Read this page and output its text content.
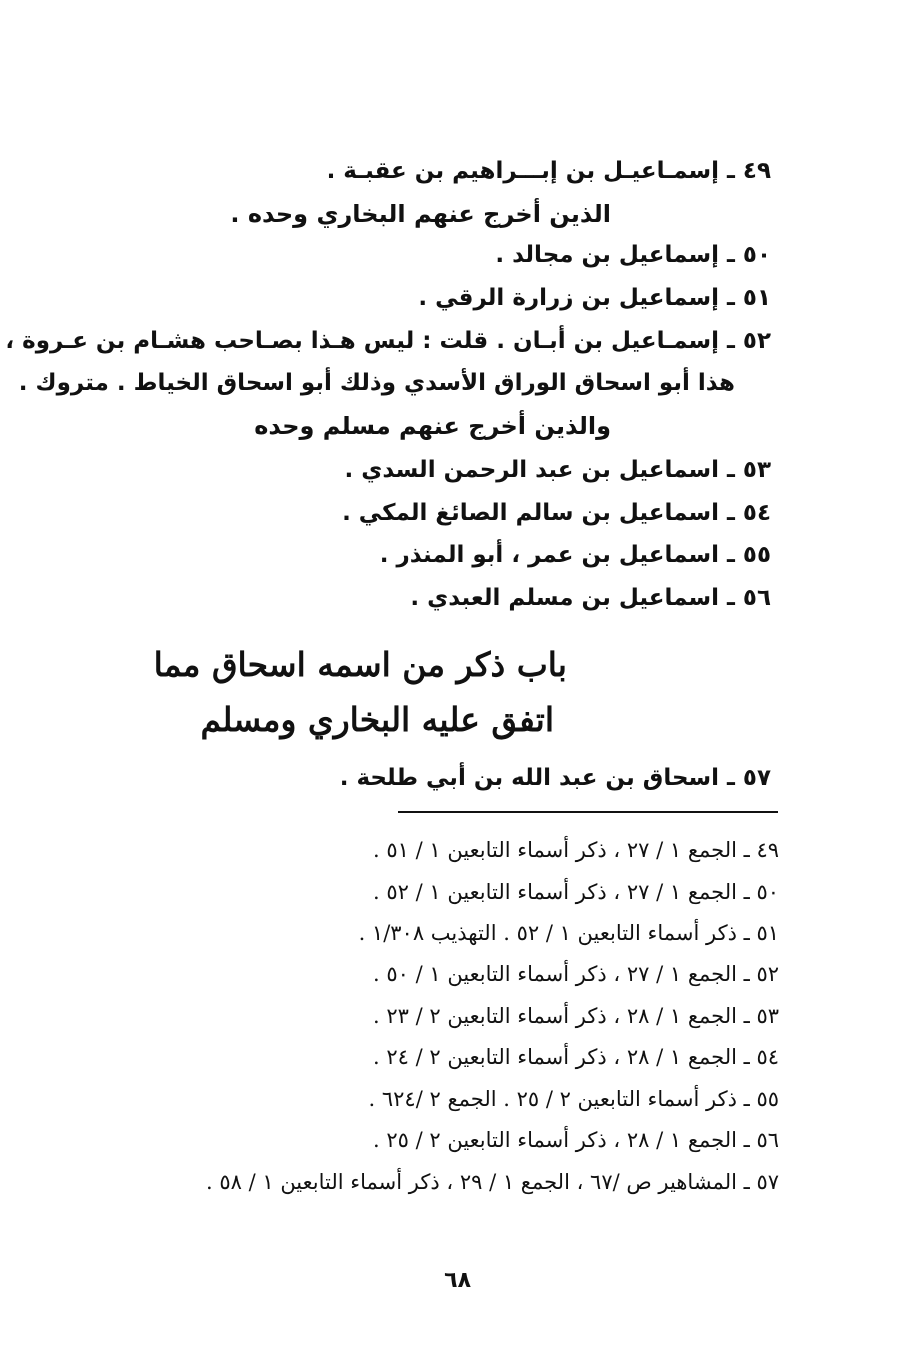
٤٩ ـ إسمـاعيـل بن إبـــراهيم بن عقبـة .
الذين أخرج عنهم البخاري وحده .
٥٠ ـ إسماعيل بن مجالد .
٥١ ـ إسماعيل بن زرارة الرقي .
٥٢ ـ إسمـاعيل بن أبـان . قلت : ليس هـذا بصـاحب هشـام بن عـروة ،
هذا أبو اسحاق الوراق الأسدي وذلك أبو اسحاق الخياط . متروك .
والذين أخرج عنهم مسلم وحده
٥٣ ـ اسماعيل بن عبد الرحمن السدي .
٥٤ ـ اسماعيل بن سالم الصائغ المكي .
٥٥ ـ اسماعيل بن عمر ، أبو المنذر .
٥٦ ـ اسماعيل بن مسلم العبدي .
باب ذكر من اسمه اسحاق مما
اتفق عليه البخاري ومسلم
٥٧ ـ اسحاق بن عبد الله بن أبي طلحة .
٤٩ ـ الجمع ١ / ٢٧ ، ذكر أسماء التابعين ١ / ٥١ .
٥٠ ـ الجمع ١ / ٢٧ ، ذكر أسماء التابعين ١ / ٥٢ .
٥١ ـ ذكر أسماء التابعين ١ / ٥٢ . التهذيب ١/٣٠٨ .
٥٢ ـ الجمع ١ / ٢٧ ، ذكر أسماء التابعين ١ / ٥٠ .
٥٣ ـ الجمع ١ / ٢٨ ، ذكر أسماء التابعين ٢ / ٢٣ .
٥٤ ـ الجمع ١ / ٢٨ ، ذكر أسماء التابعين ٢ / ٢٤ .
٥٥ ـ ذكر أسماء التابعين ٢ / ٢٥ . الجمع ٢ /٦٢٤ .
٥٦ ـ الجمع ١ / ٢٨ ، ذكر أسماء التابعين ٢ / ٢٥ .
٥٧ ـ المشاهير ص /٦٧ ، الجمع ١ / ٢٩ ، ذكر أسماء التابعين ١ / ٥٨ .
٦٨
